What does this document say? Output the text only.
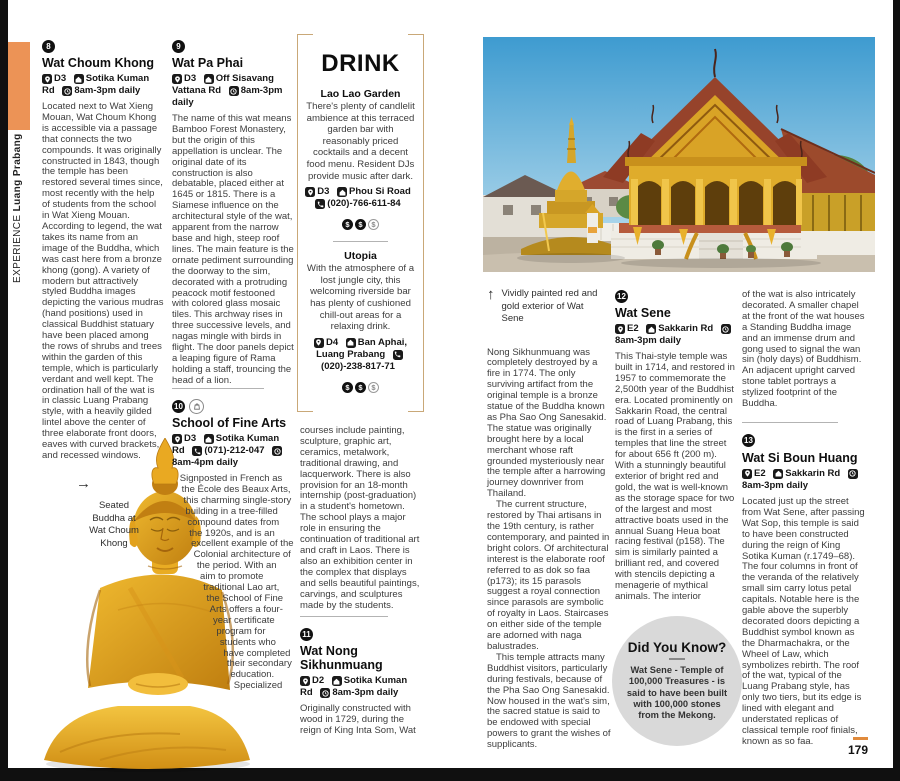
EXPERIENCE Luang Prabang
→
Seated Buddha at Wat Choum Khong
8
Wat Choum Khong

D3 Sotika Kuman Rd 8am-3pm daily

Located next to Wat Xieng Mouan, Wat Choum Khong is accessible via a passage that connects the two compounds. It was originally constructed in 1843, though the temple has been restored several times since, most recently with the help of students from the school in Wat Xieng Mouan. According to legend, the wat takes its name from an image of the Buddha, which was cast here from a bronze khong (gong). A variety of modern but attractively styled Buddha images depicting the various mudras (hand positions) used in classical Buddhist statuary have been placed among the rows of shrubs and trees within the garden of this temple, which is particularly verdant and well kept. The ordination hall of the wat is in classic Luang Prabang style, with a heavily gilded lintel above the center of three elaborate front doors, eaves with curved brackets, and recessed windows.

9
Wat Pa Phai

D3 Off Sisavang Vattana Rd 8am-3pm daily

The name of this wat means Bamboo Forest Monastery, but the origin of this appellation is unclear. The original date of its construction is also debatable, placed either at 1645 or 1815. There is a Siamese influence on the architectural style of the wat, apparent from the narrow base and high, steep roof lines. The main feature is the ornate pediment surrounding the doorway to the sim, decorated with a protruding peacock motif festooned with colored glass mosaic tiles. This archway rises in three successive levels, and nagas mingle with birds in flight. The door panels depict a leaping figure of Rama holding a staff, trouncing the head of a lion.

10
School of Fine Arts

D3 Sotika Kuman Rd (071)-212-047
8am-4pm daily

Signposted in French as the École des Beaux Arts, this charming single-story building in a tree-filled compound dates from the 1920s, and is an excellent example of the Colonial architecture of the period. With an aim to promote traditional Lao art, the School of Fine Arts offers a four-year certificate program for students who have completed their secondary education. Specialized

DRINK
Lao Lao Garden

There's plenty of candlelit ambience at this terraced garden bar with reasonably priced cocktails and a decent food menu. Resident DJs provide music after dark.

D3 Phou Si Road
(020)-766-611-84

$ $ $
Utopia

With the atmosphere of a lost jungle city, this welcoming riverside bar has plenty of cushioned chill-out areas for a relaxing drink.

D4 Ban Aphai, Luang Prabang
(020)-238-817-71

$ $ $

courses include painting, sculpture, graphic art, ceramics, metalwork, traditional drawing, and lacquerwork. There is also provision for an 18-month internship (post-graduation) in a student's hometown. The school plays a major role in ensuring the continuation of traditional art and craft in Laos. There is also an exhibition center in the complex that displays and sells beautiful paintings, carvings, and sculptures made by the students.

11
Wat Nong Sikhunmuang

D2 Sotika Kuman Rd 8am-3pm daily

Originally constructed with wood in 1729, during the reign of King Inta Som, Wat

↑ Vividly painted red and gold exterior of Wat Sene

Nong Sikhunmuang was completely destroyed by a fire in 1774. The only surviving artifact from the original temple is a bronze statue of the Buddha known as Pha Sao Ong Sanesakid. The statue was originally brought here by a local merchant whose raft grounded mysteriously near the temple after a harrowing journey downriver from Thailand.

The current structure, restored by Thai artisans in the 19th century, is rather contemporary, and painted in bright colors. Of architectural interest is the elaborate roof referred to as dok so faa (p173); its 15 parasols suggest a royal connection since parasols are symbolic of royalty in Laos. Staircases on either side of the temple are adorned with naga balustrades.

This temple attracts many Buddhist visitors, particularly during festivals, because of the Pha Sao Ong Sanesakid. Now housed in the wat's sim, the sacred statue is said to be endowed with special powers to grant the wishes of supplicants.

12
Wat Sene

E2 Sakkarin Rd
8am-3pm daily

This Thai-style temple was built in 1714, and restored in 1957 to commemorate the 2,500th year of the Buddhist era. Located prominently on Sakkarin Road, the central road of Luang Prabang, this is the first in a series of temples that line the street for about 656 ft (200 m). With a stunningly beautiful exterior of bright red and gold, the wat is well-known as the storage space for two of the largest and most attractive boats used in the annual Suang Heua boat racing festival (p158). The sim is similarly painted a brilliant red, and covered with stencils depicting a menagerie of mythical animals. The interior

Did You Know?
Wat Sene - Temple of 100,000 Treasures - is said to have been built with 100,000 stones from the Mekong.

of the wat is also intricately decorated. A smaller chapel at the front of the wat houses a Standing Buddha image and an immense drum and gong used to signal the wan sin (holy days) of Buddhism. An adjacent upright carved stone tablet portrays a stylized footprint of the Buddha.

13
Wat Si Boun Huang

E2 Sakkarin Rd
8am-3pm daily

Located just up the street from Wat Sene, after passing Wat Sop, this temple is said to have been constructed during the reign of King Sotika Kuman (r.1749–68). The four columns in front of the veranda of the relatively small sim carry lotus petal capitals. Notable here is the gable above the superbly decorated doors depicting a Buddhist symbol known as the Dharmachakra, or the Wheel of Law, which symbolizes rebirth. The roof of the wat, typical of the Luang Prabang style, has only two tiers, but its edge is lined with elegant and understated replicas of classical temple roof finials, known as so faa.

179
